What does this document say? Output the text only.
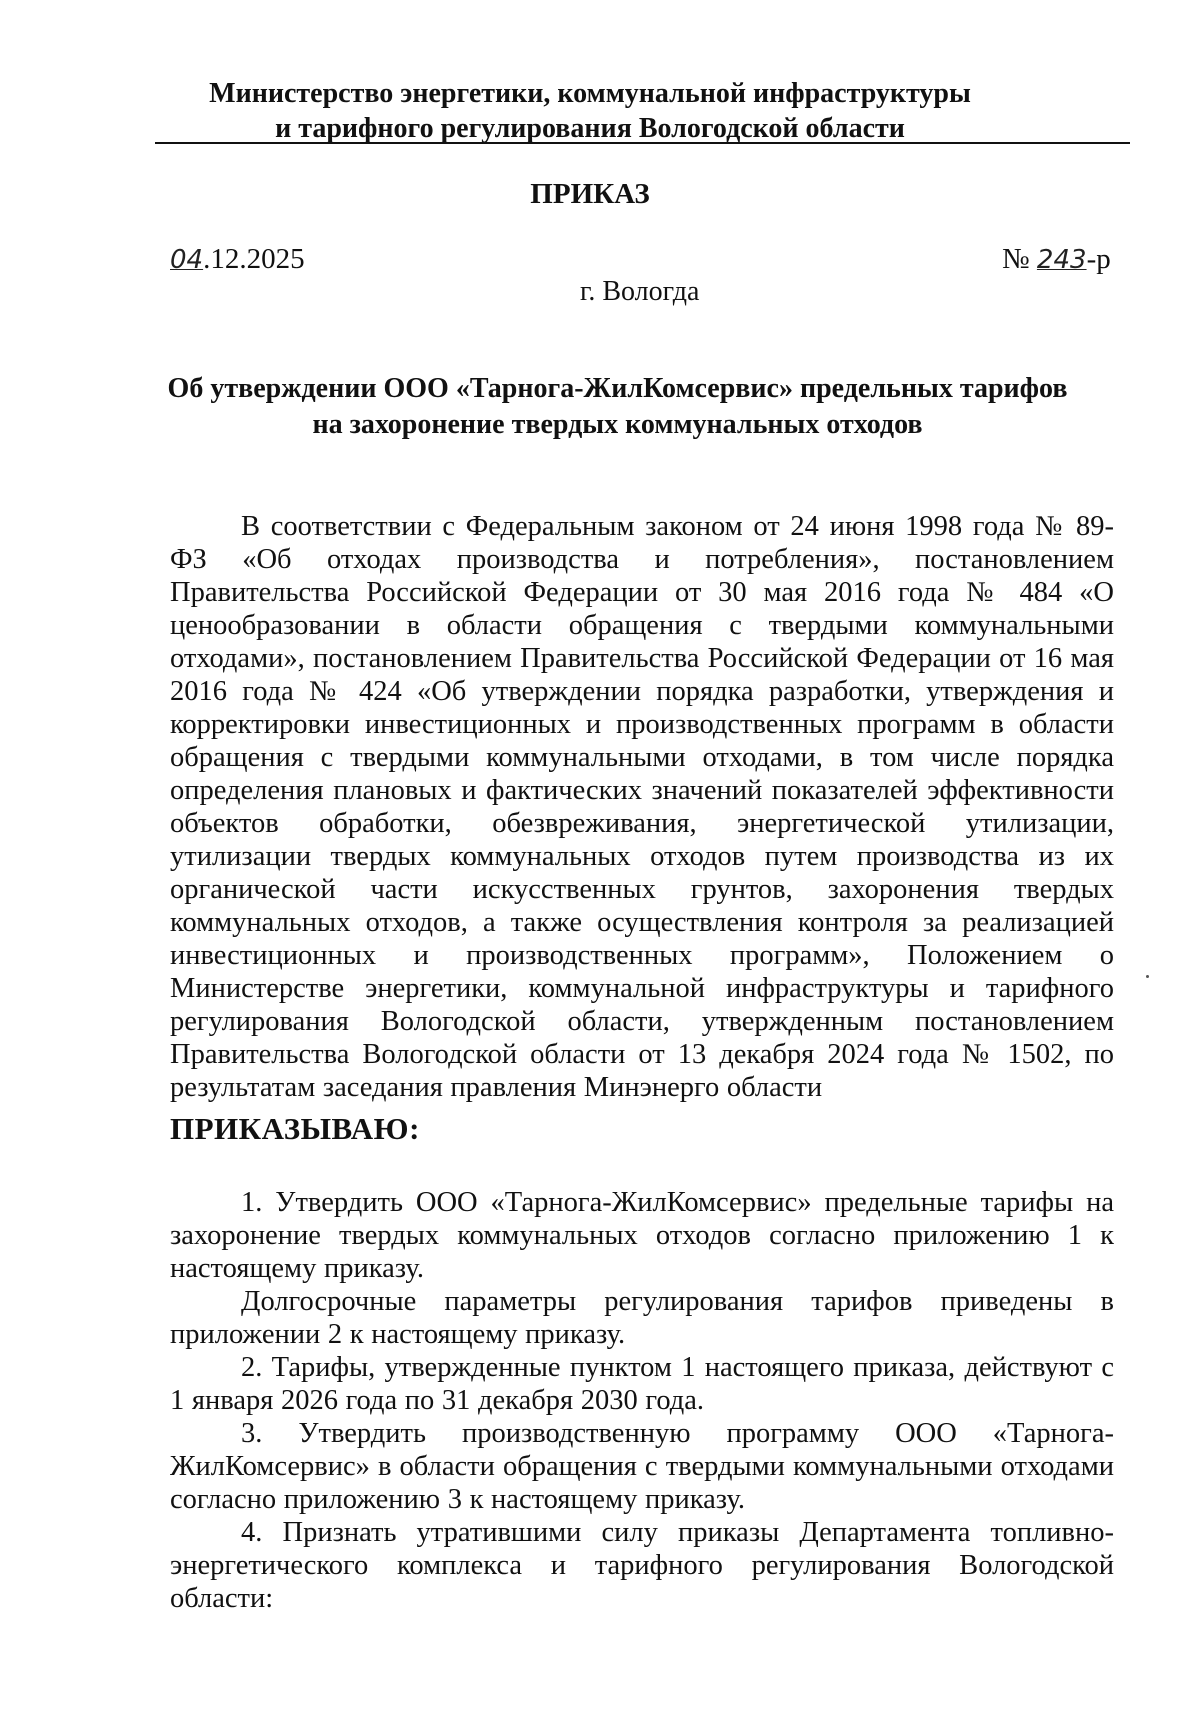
Министерство энергетики, коммунальной инфраструктуры
и тарифного регулирования Вологодской области
ПРИКАЗ
04.12.2025	№ 243-р
г. Вологда
Об утверждении ООО «Тарнога-ЖилКомсервис» предельных тарифов
на захоронение твердых коммунальных отходов

В соответствии с Федеральным законом от 24 июня 1998 года № 89-ФЗ «Об отходах производства и потребления», постановлением Правительства Российской Федерации от 30 мая 2016 года № 484 «О ценообразовании в области обращения с твердыми коммунальными отходами», постановлением Правительства Российской Федерации от 16 мая 2016 года № 424 «Об утверждении порядка разработки, утверждения и корректировки инвестиционных и производственных программ в области обращения с твердыми коммунальными отходами, в том числе порядка определения плановых и фактических значений показателей эффективности объектов обработки, обезвреживания, энергетической утилизации, утилизации твердых коммунальных отходов путем производства из их органической части искусственных грунтов, захоронения твердых коммунальных отходов, а также осуществления контроля за реализацией инвестиционных и производственных программ», Положением о Министерстве энергетики, коммунальной инфраструктуры и тарифного регулирования Вологодской области, утвержденным постановлением Правительства Вологодской области от 13 декабря 2024 года № 1502, по результатам заседания правления Минэнерго области

ПРИКАЗЫВАЮ:

1. Утвердить ООО «Тарнога-ЖилКомсервис» предельные тарифы на захоронение твердых коммунальных отходов согласно приложению 1 к настоящему приказу.

Долгосрочные параметры регулирования тарифов приведены в приложении 2 к настоящему приказу.

2. Тарифы, утвержденные пунктом 1 настоящего приказа, действуют с 1 января 2026 года по 31 декабря 2030 года.

3. Утвердить производственную программу ООО «Тарнога-ЖилКомсервис» в области обращения с твердыми коммунальными отходами согласно приложению 3 к настоящему приказу.

4. Признать утратившими силу приказы Департамента топливно-энергетического комплекса и тарифного регулирования Вологодской области:
